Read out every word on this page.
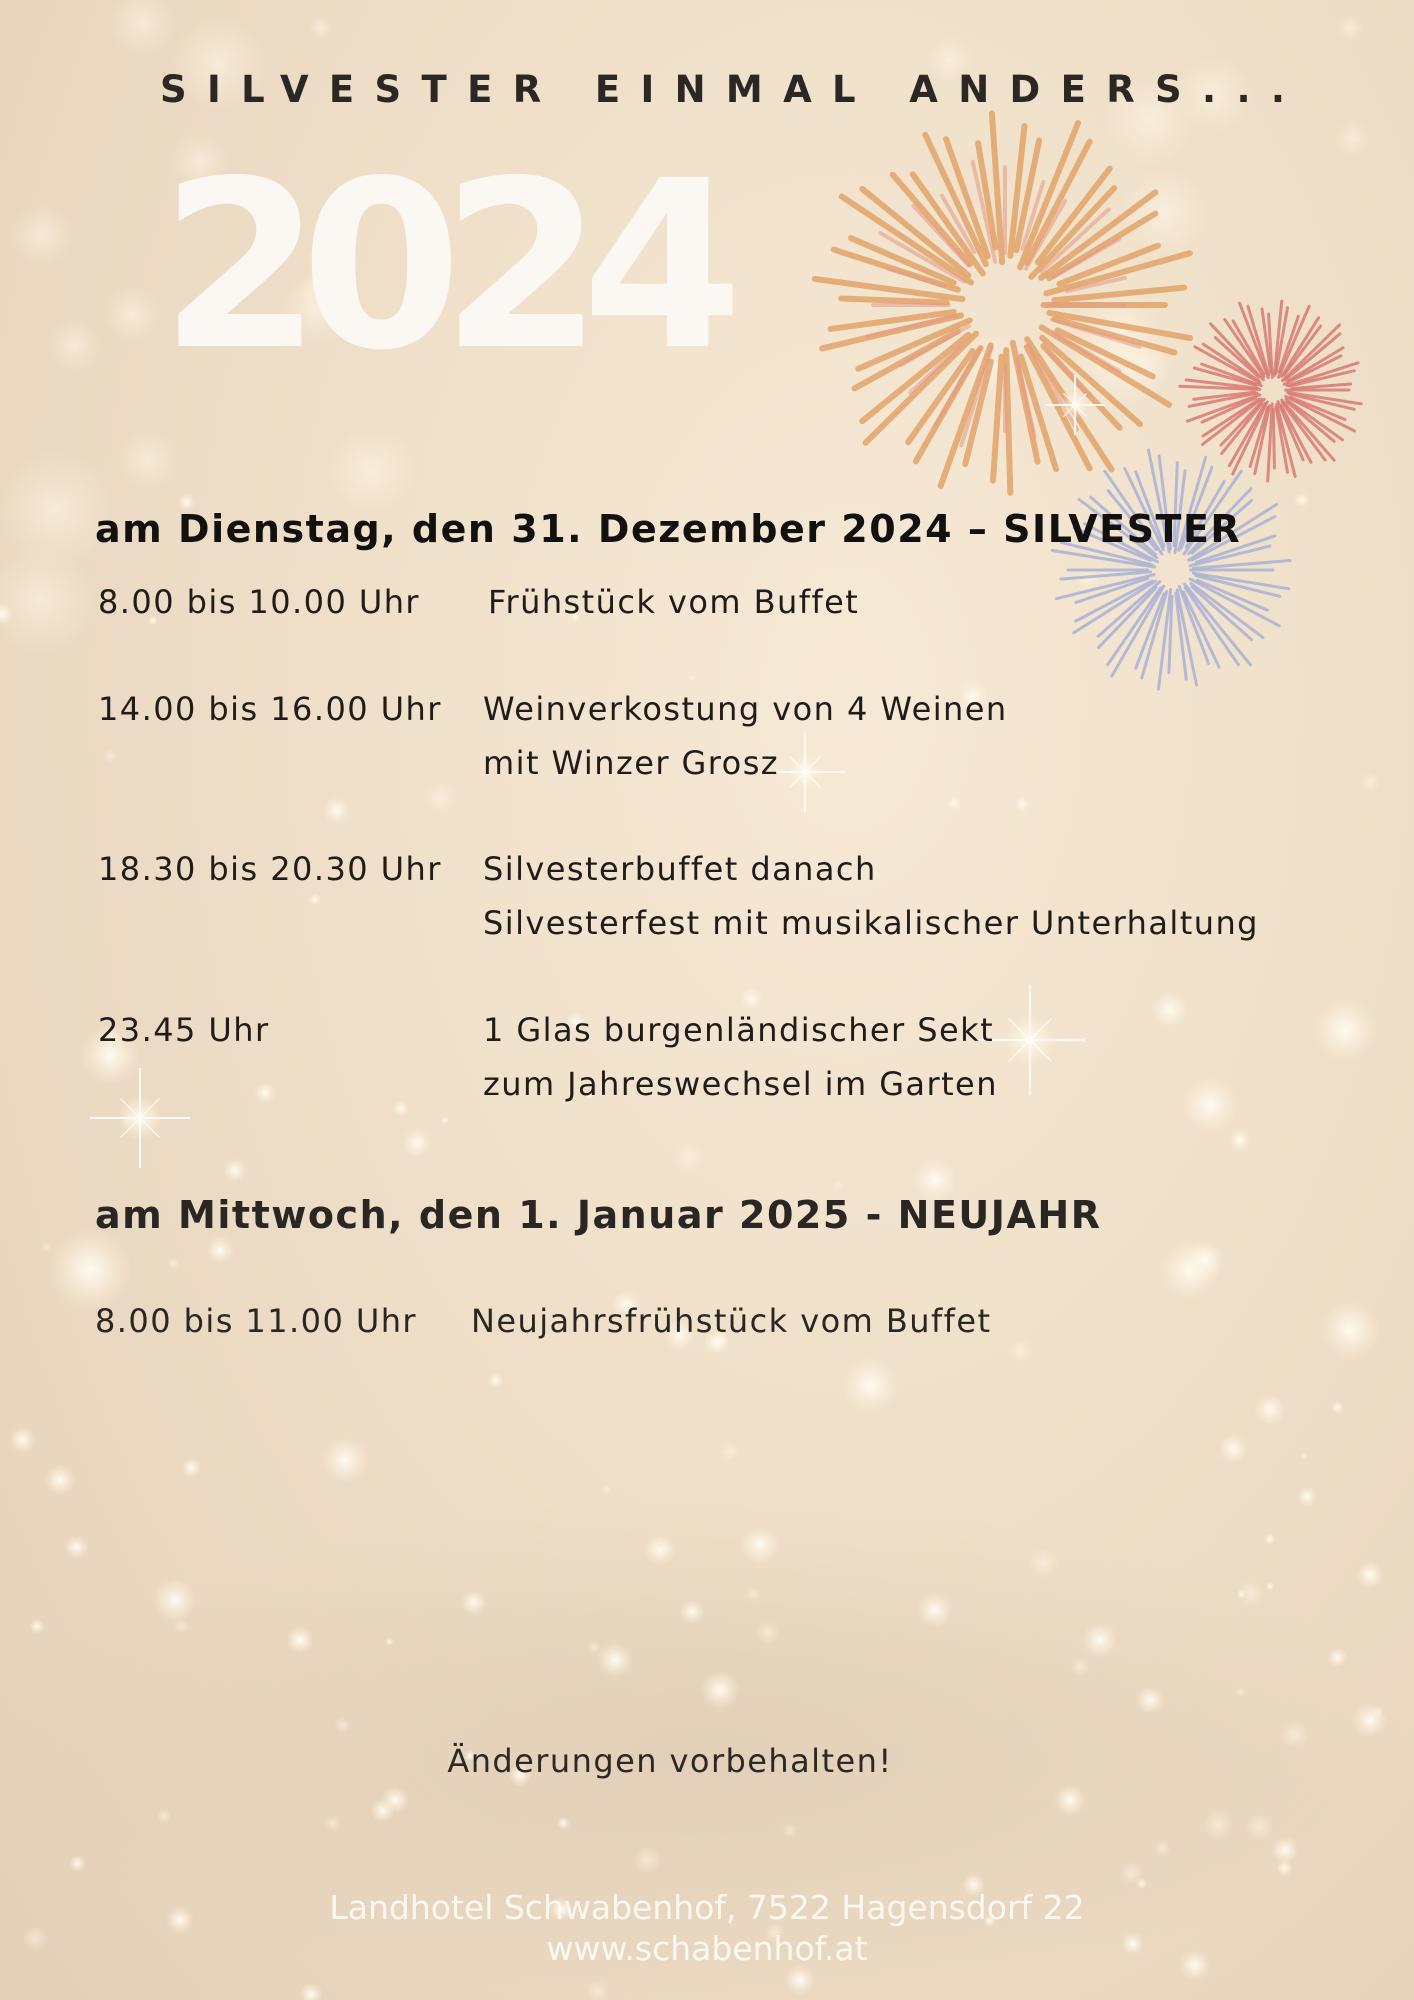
SILVESTER EINMAL ANDERS...
2024
am Dienstag, den 31. Dezember 2024 – SILVESTER
8.00 bis 10.00 Uhr Frühstück vom Buffet
14.00 bis 16.00 Uhr Weinverkostung von 4 Weinen
mit Winzer Grosz
18.30 bis 20.30 Uhr Silvesterbuffet danach
Silvesterfest mit musikalischer Unterhaltung
23.45 Uhr	1 Glas burgenländischer Sekt
zum Jahreswechsel im Garten
am Mittwoch, den 1. Januar 2025 - NEUJAHR
8.00 bis 11.00 Uhr Neujahrsfrühstück vom Buffet
Änderungen vorbehalten!
Landhotel Schwabenhof, 7522 Hagensdorf 22
www.schabenhof.at
